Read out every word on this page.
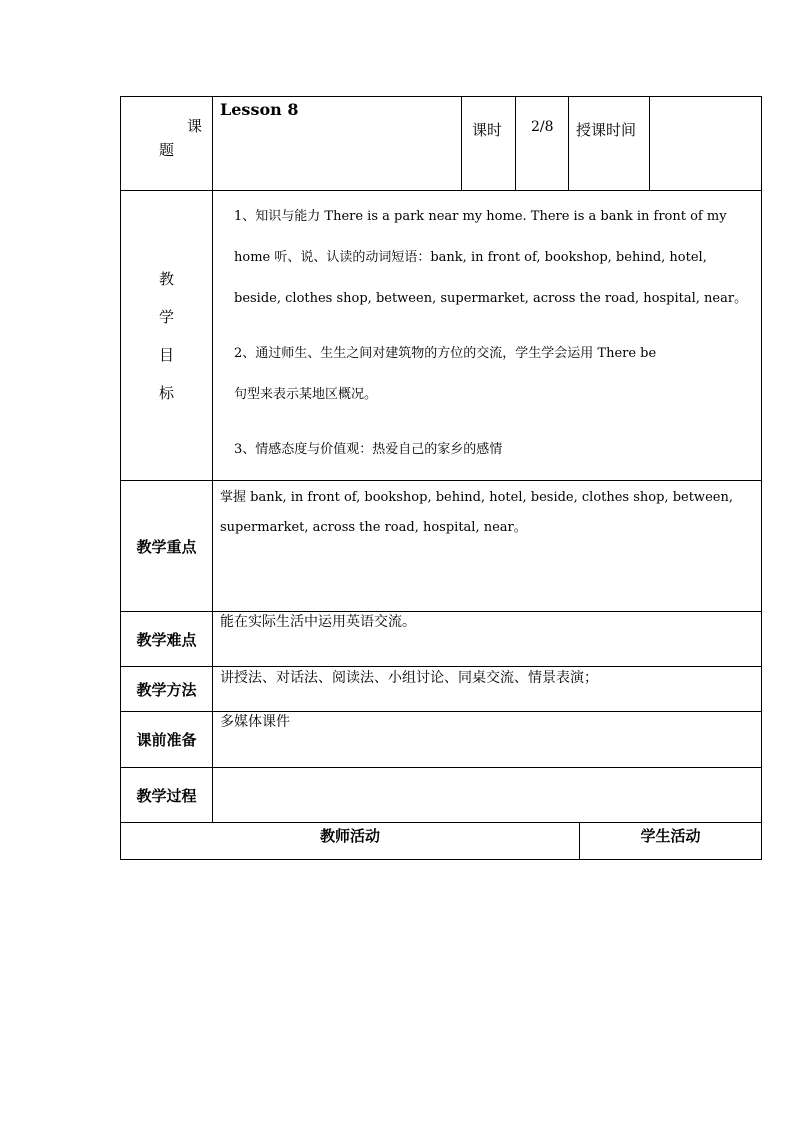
课
题
Lesson 8
课时 2/8 授课时间
教
学
目
标

1、知识与能力 There is a park near my home. There is a bank in front of my

home 听、说、认读的动词短语：bank, in front of, bookshop, behind, hotel,

beside, clothes shop, between, supermarket, across the road, hospital, near。

2、通过师生、生生之间对建筑物的方位的交流，学生学会运用 There be

句型来表示某地区概况。

3、情感态度与价值观：热爱自己的家乡的感情

教学重点
掌握 bank, in front of, bookshop, behind, hotel, beside, clothes shop, between,
supermarket, across the road, hospital, near。
教学难点
能在实际生活中运用英语交流。
教学方法
讲授法、对话法、阅读法、小组讨论、同桌交流、情景表演；
课前准备
多媒体课件
教学过程
教师活动	学生活动
